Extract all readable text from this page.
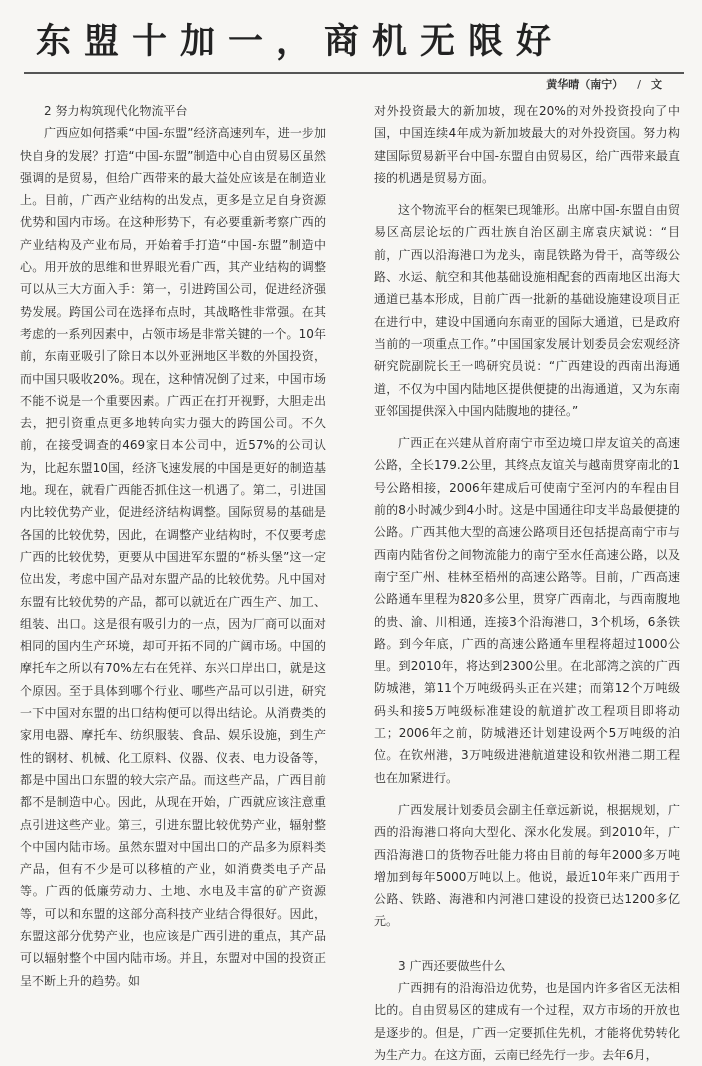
东盟十加一，商机无限好
黄华晴（南宁） / 文
2 努力构筑现代化物流平台

广西应如何搭乘“中国-东盟”经济高速列车，进一步加快自身的发展？打造“中国-东盟”制造中心自由贸易区虽然强调的是贸易，但给广西带来的最大益处应该是在制造业上。目前，广西产业结构的出发点，更多是立足自身资源优势和国内市场。在这种形势下，有必要重新考察广西的产业结构及产业布局，开始着手打造“中国-东盟”制造中心。用开放的思维和世界眼光看广西，其产业结构的调整可以从三大方面入手：第一，引进跨国公司，促进经济强势发展。跨国公司在选择布点时，其战略性非常强。在其考虑的一系列因素中，占领市场是非常关键的一个。10年前，东南亚吸引了除日本以外亚洲地区半数的外国投资，而中国只吸收20%。现在，这种情况倒了过来，中国市场不能不说是一个重要因素。广西正在打开视野，大胆走出去，把引资重点更多地转向实力强大的跨国公司。不久前，在接受调查的469家日本公司中，近57%的公司认为，比起东盟10国，经济飞速发展的中国是更好的制造基地。现在，就看广西能否抓住这一机遇了。第二，引进国内比较优势产业，促进经济结构调整。国际贸易的基础是各国的比较优势，因此，在调整产业结构时，不仅要考虑广西的比较优势，更要从中国进军东盟的“桥头堡”这一定位出发，考虑中国产品对东盟产品的比较优势。凡中国对东盟有比较优势的产品，都可以就近在广西生产、加工、组装、出口。这是很有吸引力的一点，因为厂商可以面对相同的国内生产环境，却可开拓不同的广阔市场。中国的摩托车之所以有70%左右在凭祥、东兴口岸出口，就是这个原因。至于具体到哪个行业、哪些产品可以引进，研究一下中国对东盟的出口结构便可以得出结论。从消费类的家用电器、摩托车、纺织服装、食品、娱乐设施，到生产性的钢材、机械、化工原料、仪器、仪表、电力设备等，都是中国出口东盟的较大宗产品。而这些产品，广西目前都不是制造中心。因此，从现在开始，广西就应该注意重点引进这些产业。第三，引进东盟比较优势产业，辐射整个中国内陆市场。虽然东盟对中国出口的产品多为原料类产品，但有不少是可以移植的产业，如消费类电子产品等。广西的低廉劳动力、土地、水电及丰富的矿产资源等，可以和东盟的这部分高科技产业结合得很好。因此，东盟这部分优势产业，也应该是广西引进的重点，其产品可以辐射整个中国内陆市场。并且，东盟对中国的投资正呈不断上升的趋势。如

对外投资最大的新加坡，现在20%的对外投资投向了中国，中国连续4年成为新加坡最大的对外投资国。努力构建国际贸易新平台中国-东盟自由贸易区，给广西带来最直接的机遇是贸易方面。

这个物流平台的框架已现雏形。出席中国-东盟自由贸易区高层论坛的广西壮族自治区副主席袁庆斌说：“目前，广西以沿海港口为龙头，南昆铁路为骨干，高等级公路、水运、航空和其他基础设施相配套的西南地区出海大通道已基本形成，目前广西一批新的基础设施建设项目正在进行中，建设中国通向东南亚的国际大通道，已是政府当前的一项重点工作。”中国国家发展计划委员会宏观经济研究院副院长王一鸣研究员说：“广西建设的西南出海通道，不仅为中国内陆地区提供便捷的出海通道，又为东南亚邻国提供深入中国内陆腹地的捷径。”

广西正在兴建从首府南宁市至边境口岸友谊关的高速公路，全长179.2公里，其终点友谊关与越南贯穿南北的1号公路相接，2006年建成后可使南宁至河内的车程由目前的8小时减少到4小时。这是中国通往印支半岛最便捷的公路。广西其他大型的高速公路项目还包括提高南宁市与西南内陆省份之间物流能力的南宁至水任高速公路，以及南宁至广州、桂林至梧州的高速公路等。目前，广西高速公路通车里程为820多公里，贯穿广西南北，与西南腹地的贵、渝、川相通，连接3个沿海港口，3个机场，6条铁路。到今年底，广西的高速公路通车里程将超过1000公里。到2010年，将达到2300公里。在北部湾之滨的广西防城港，第11个万吨级码头正在兴建；而第12个万吨级码头和接5万吨级标准建设的航道扩改工程项目即将动工；2006年之前，防城港还计划建设两个5万吨级的泊位。在钦州港，3万吨级进港航道建设和钦州港二期工程也在加紧进行。

广西发展计划委员会副主任章远新说，根据规划，广西的沿海港口将向大型化、深水化发展。到2010年，广西沿海港口的货物吞吐能力将由目前的每年2000多万吨增加到每年5000万吨以上。他说，最近10年来广西用于公路、铁路、海港和内河港口建设的投资已达1200多亿元。

3 广西还要做些什么

广西拥有的沿海沿边优势，也是国内许多省区无法相比的。自由贸易区的建成有一个过程，双方市场的开放也是逐步的。但是，广西一定要抓住先机，才能将优势转化为生产力。在这方面，云南已经先行一步。去年6月，
